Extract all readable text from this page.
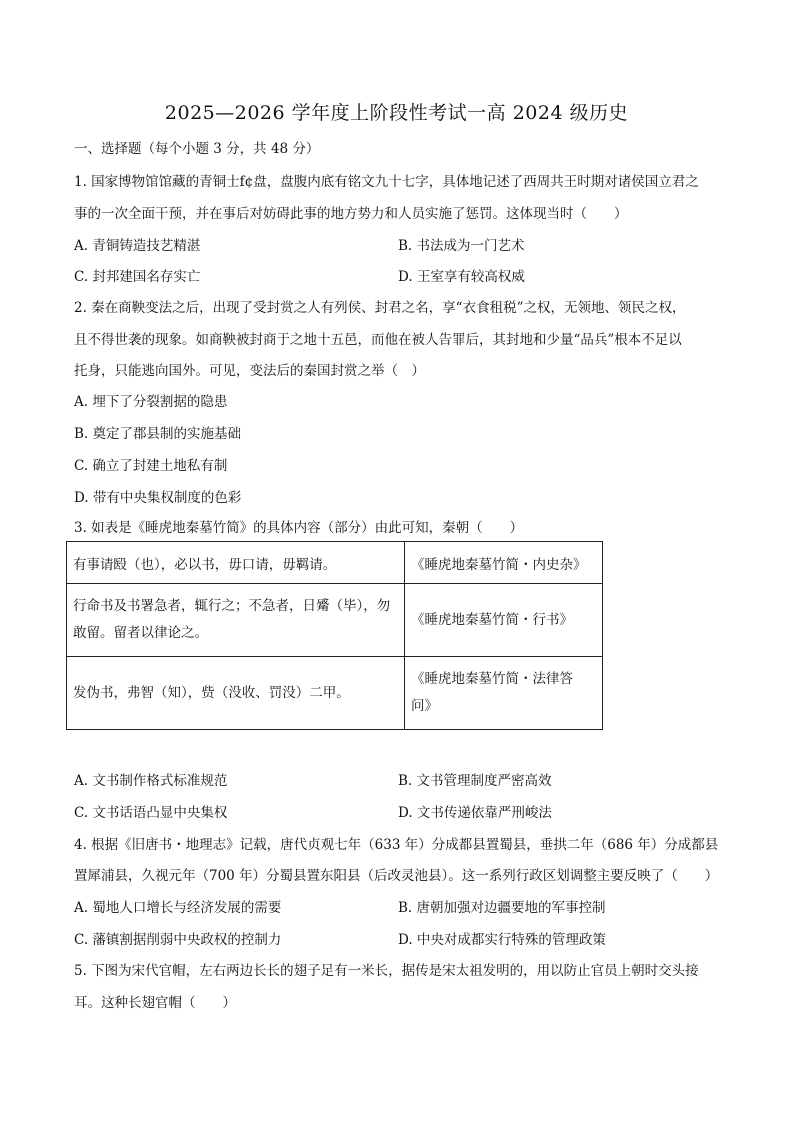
2025—2026 学年度上阶段性考试一高 2024 级历史
一、选择题（每个小题 3 分，共 48 分）
1. 国家博物馆馆藏的青铜士f¢盘，盘腹内底有铭文九十七字，具体地记述了西周共王时期对诸侯国立君之
事的一次全面干预，并在事后对妨碍此事的地方势力和人员实施了惩罚。这体现当时（　　）
A. 青铜铸造技艺精湛	B. 书法成为一门艺术
C. 封邦建国名存实亡	D. 王室享有较高权威
2. 秦在商鞅变法之后，出现了受封赏之人有列侯、封君之名，享“衣食租税”之权，无领地、领民之权，
且不得世袭的现象。如商鞅被封商于之地十五邑，而他在被人告罪后，其封地和少量“品兵”根本不足以
托身，只能逃向国外。可见，变法后的秦国封赏之举（　）
A. 埋下了分裂割据的隐患
B. 奠定了郡县制的实施基础
C. 确立了封建土地私有制
D. 带有中央集权制度的色彩
3. 如表是《睡虎地秦墓竹简》的具体内容（部分）由此可知，秦朝（　　）
有事请殹（也），必以书，毋口请，毋羁请。	《睡虎地秦墓竹简・内史杂》

行命书及书署急者，辄行之；不急者，日觱（毕），勿
敢留。留者以律论之。	《睡虎地秦墓竹简・行书》
发伪书，弗智（知），赀（没收、罚没）二甲。	《睡虎地秦墓竹简・法律答
问》
A. 文书制作格式标准规范	B. 文书管理制度严密高效
C. 文书话语凸显中央集权	D. 文书传递依靠严刑峻法
4. 根据《旧唐书・地理志》记载，唐代贞观七年（633 年）分成都县置蜀县，垂拱二年（686 年）分成都县
置犀浦县，久视元年（700 年）分蜀县置东阳县（后改灵池县）。这一系列行政区划调整主要反映了（　　）
A. 蜀地人口增长与经济发展的需要	B. 唐朝加强对边疆要地的军事控制
C. 藩镇割据削弱中央政权的控制力	D. 中央对成都实行特殊的管理政策
5. 下图为宋代官帽，左右两边长长的翅子足有一米长，据传是宋太祖发明的，用以防止官员上朝时交头接
耳。这种长翅官帽（　　）
